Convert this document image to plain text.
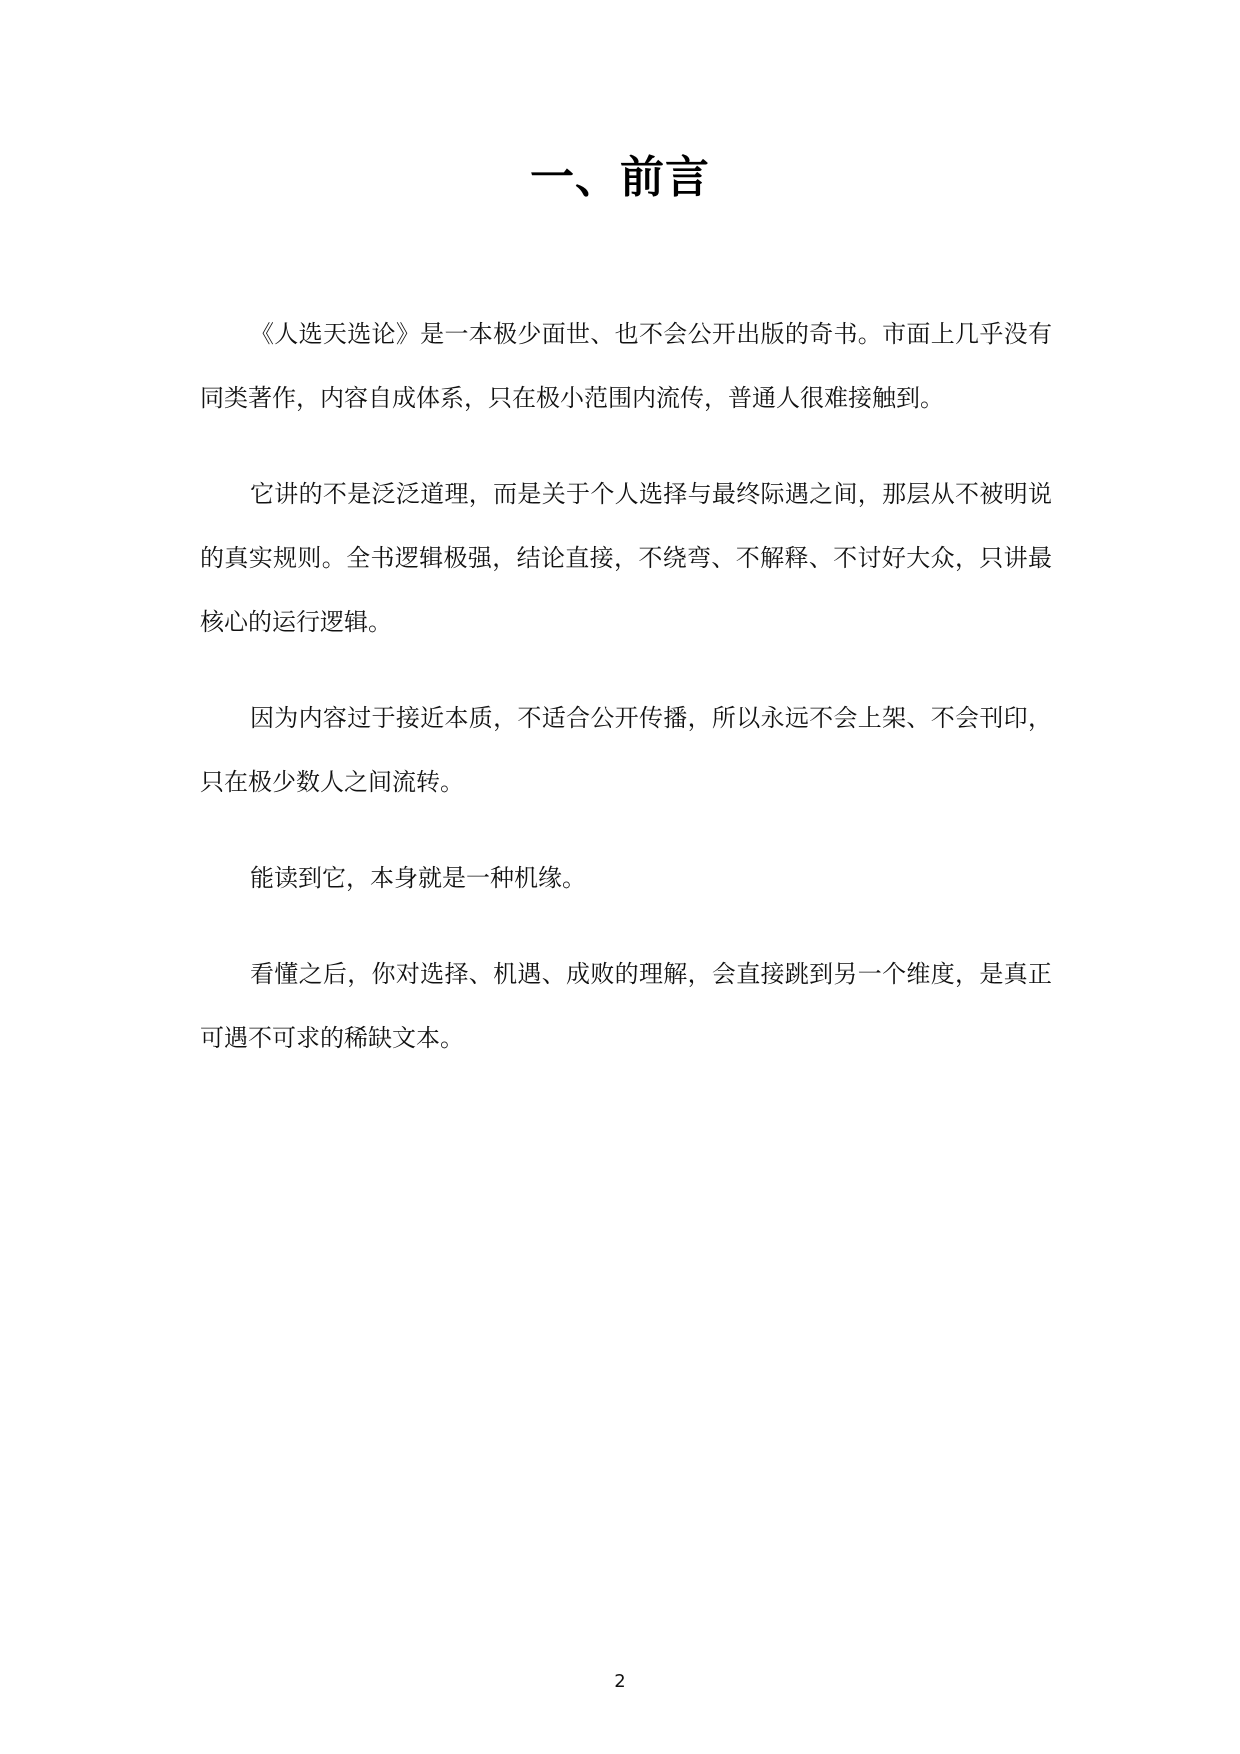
一、前言

《人选天选论》是一本极少面世、也不会公开出版的奇书。市面上几乎没有同类著作，内容自成体系，只在极小范围内流传，普通人很难接触到。

它讲的不是泛泛道理，而是关于个人选择与最终际遇之间，那层从不被明说的真实规则。全书逻辑极强，结论直接，不绕弯、不解释、不讨好大众，只讲最核心的运行逻辑。

因为内容过于接近本质，不适合公开传播，所以永远不会上架、不会刊印，只在极少数人之间流转。

能读到它，本身就是一种机缘。

看懂之后，你对选择、机遇、成败的理解，会直接跳到另一个维度，是真正可遇不可求的稀缺文本。

2
